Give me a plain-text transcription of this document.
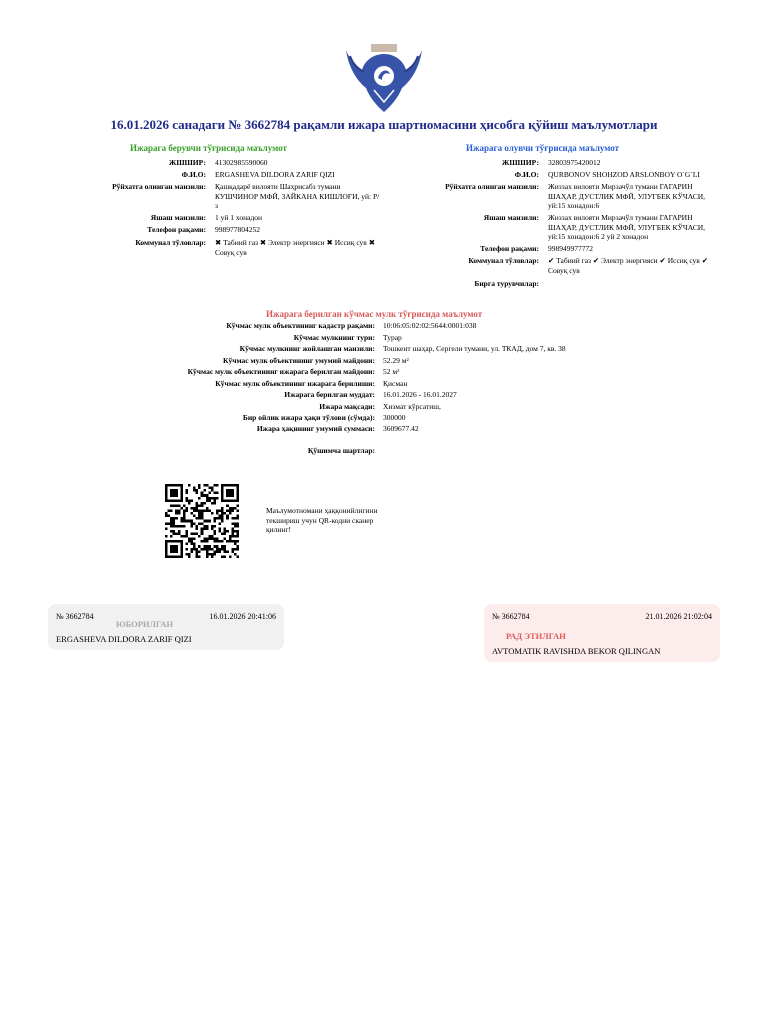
16.01.2026 санадаги № 3662784 рақамли ижара шартномасини ҳисобга қўйиш маълумотлари
Ижарага берувчи тўғрисида маълумот
ЖШШИР: 41302985590060
Ф.И.О: ERGASHEVA DILDORA ZARIF QIZI
Рўйхатга олинган манзили: Қашқадарё вилояти Шаҳрисабз тумани КУШЧИНОР МФЙ, ЗАЙКАНА КИШЛОҒИ, уй: Р/з
Яшаш манзили: 1 уй 1 хонадон
Телефон рақами: 998977804252
Коммунал тўловлар: ✖ Табиий газ ✖ Электр энергияси ✖ Иссиқ сув ✖ Совуқ сув
Ижарага олувчи тўғрисида маълумот
ЖШШИР: 32803975420012
Ф.И.О: QURBONOV SHOHZOD ARSLONBOY O`G`LI
Рўйхатга олинган манзили: Жиззах вилояти Мирзачўл тумани ГАГАРИН ШАҲАР, ДУСТЛИК МФЙ, УЛУГБЕК КЎЧАСИ, уй:15 хонадон:6
Яшаш манзили: Жиззах вилояти Мирзачўл тумани ГАГАРИН ШАҲАР, ДУСТЛИК МФЙ, УЛУГБЕК КЎЧАСИ, уй:15 хонадон:6 2 уй 2 хонадон
Телефон рақами: 998949977772
Коммунал тўловлар: ✔ Табиий газ ✔ Электр энергияси ✔ Иссиқ сув ✔ Совуқ сув
Бирга турувчилар:
Ижарага берилган кўчмас мулк тўғрисида маълумот
Кўчмас мулк объектининг кадастр рақами: 10:06:05:02:02:5644:0001:038
Кўчмас мулкнинг тури: Турар
Кўчмас мулкнинг жойлашган манзили: Тошкент шаҳар, Сергели тумани, ул. ТКАД, дом 7, кв. 38
Кўчмас мулк объектининг умумий майдони: 52.29 м²
Кўчмас мулк объектининг ижарага берилган майдони: 52 м²
Кўчмас мулк объектининг ижарага берилиши: Қисман
Ижарага берилган муддат: 16.01.2026 - 16.01.2027
Ижара мақсади: Хизмат кўрсатиш,
Бир ойлик ижара ҳақи тўлови (сўмда): 300000
Ижара ҳақининг умумий суммаси: 3609677.42
Қўшимча шартлар:
Маълумотномани ҳаққонийлигини текшириш учун QR-кодни сканер қилинг!
№ 3662784	16.01.2026 20:41:06
ЮБОРИЛГАН
ERGASHEVA DILDORA ZARIF QIZI
№ 3662784	21.01.2026 21:02:04
РАД ЭТИЛГАН
AVTOMATIK RAVISHDA BEKOR QILINGAN
